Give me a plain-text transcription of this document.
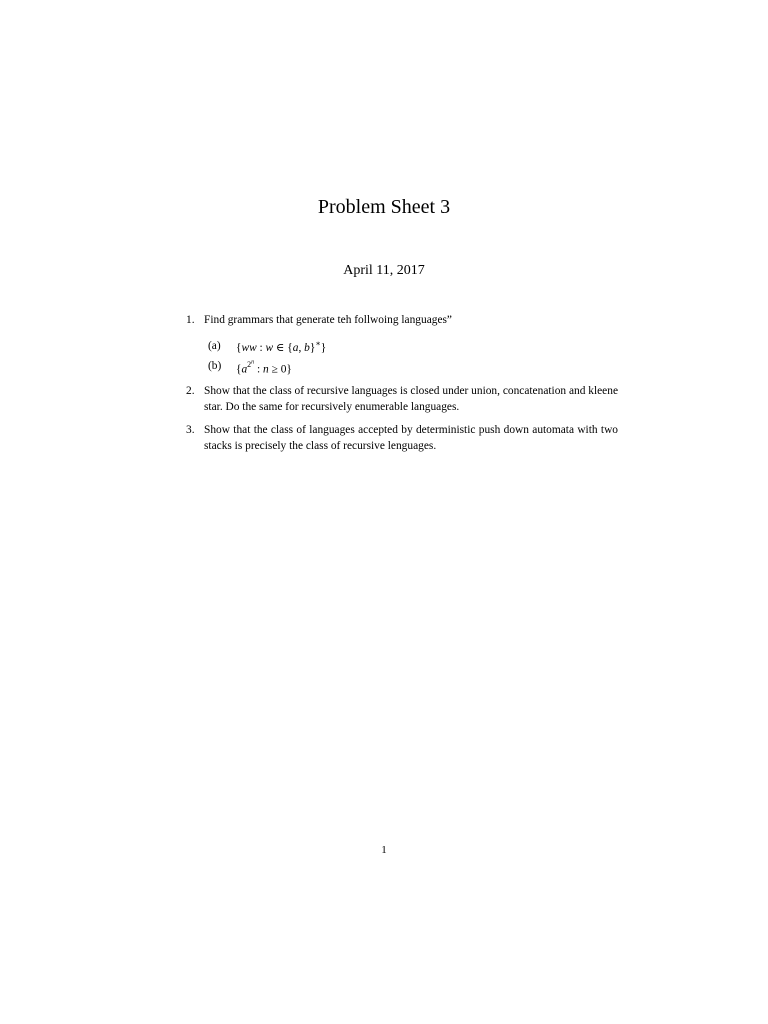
Problem Sheet 3
April 11, 2017
1. Find grammars that generate teh follwoing languages”
(a)	{ww : w ∈ {a, b}∗}
(b)	{$a^{2^n}$ : n ≥ 0}
2. Show that the class of recursive languages is closed under union, concatenation and kleene star. Do the same for recursively enumerable languages.
3. Show that the class of languages accepted by deterministic push down automata with two stacks is precisely the class of recursive lenguages.
1
